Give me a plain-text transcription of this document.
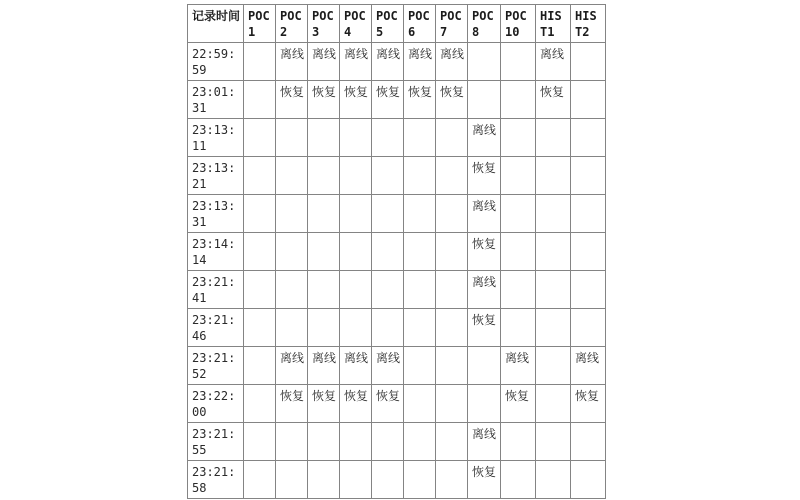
记录时间	POC 1	POC 2	POC 3	POC 4	POC 5	POC 6	POC 7	POC 8	POC 10	HIS T1	HIS T2
22:59:59		离线	离线	离线	离线	离线	离线			离线	
23:01:31		恢复	恢复	恢复	恢复	恢复	恢复			恢复	
23:13:11								离线			
23:13:21								恢复			
23:13:31								离线			
23:14:14								恢复			
23:21:41								离线			
23:21:46								恢复			
23:21:52		离线	离线	离线	离线				离线		离线
23:22:00		恢复	恢复	恢复	恢复				恢复		恢复
23:21:55								离线			
23:21:58								恢复			
